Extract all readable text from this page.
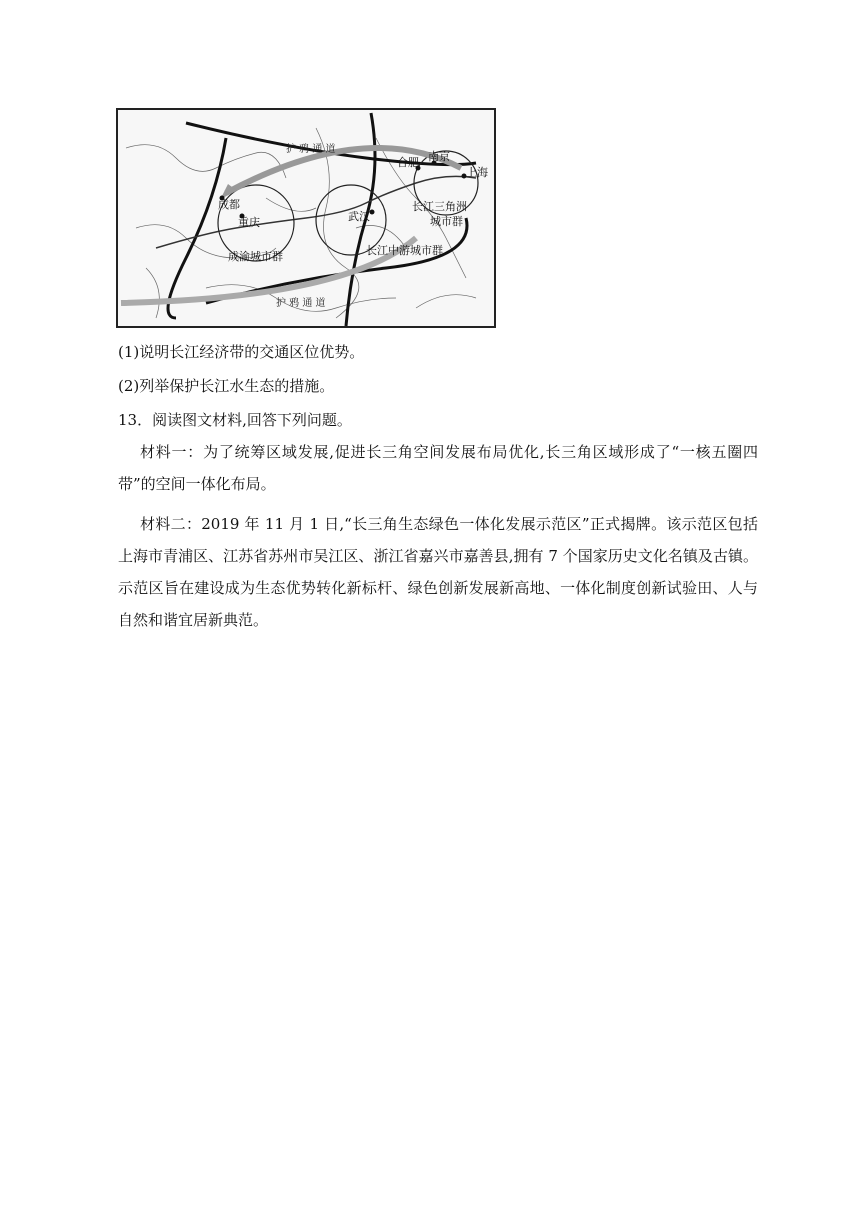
成都
重庆	武汉
合肥 南京
上海
成渝城市群	长江中游城市群
长江三角洲
城市群
护 鸦 通 道
护 鸦 通 道
(1)说明长江经济带的交通区位优势。
(2)列举保护长江水生态的措施。
13．阅读图文材料,回答下列问题。
材料一：为了统筹区域发展,促进长三角空间发展布局优化,长三角区域形成了“一核五圈四带”的空间一体化布局。
材料二：2019 年 11 月 1 日,“长三角生态绿色一体化发展示范区”正式揭牌。该示范区包括上海市青浦区、江苏省苏州市吴江区、浙江省嘉兴市嘉善县,拥有 7 个国家历史文化名镇及古镇。示范区旨在建设成为生态优势转化新标杆、绿色创新发展新高地、一体化制度创新试验田、人与自然和谐宜居新典范。
